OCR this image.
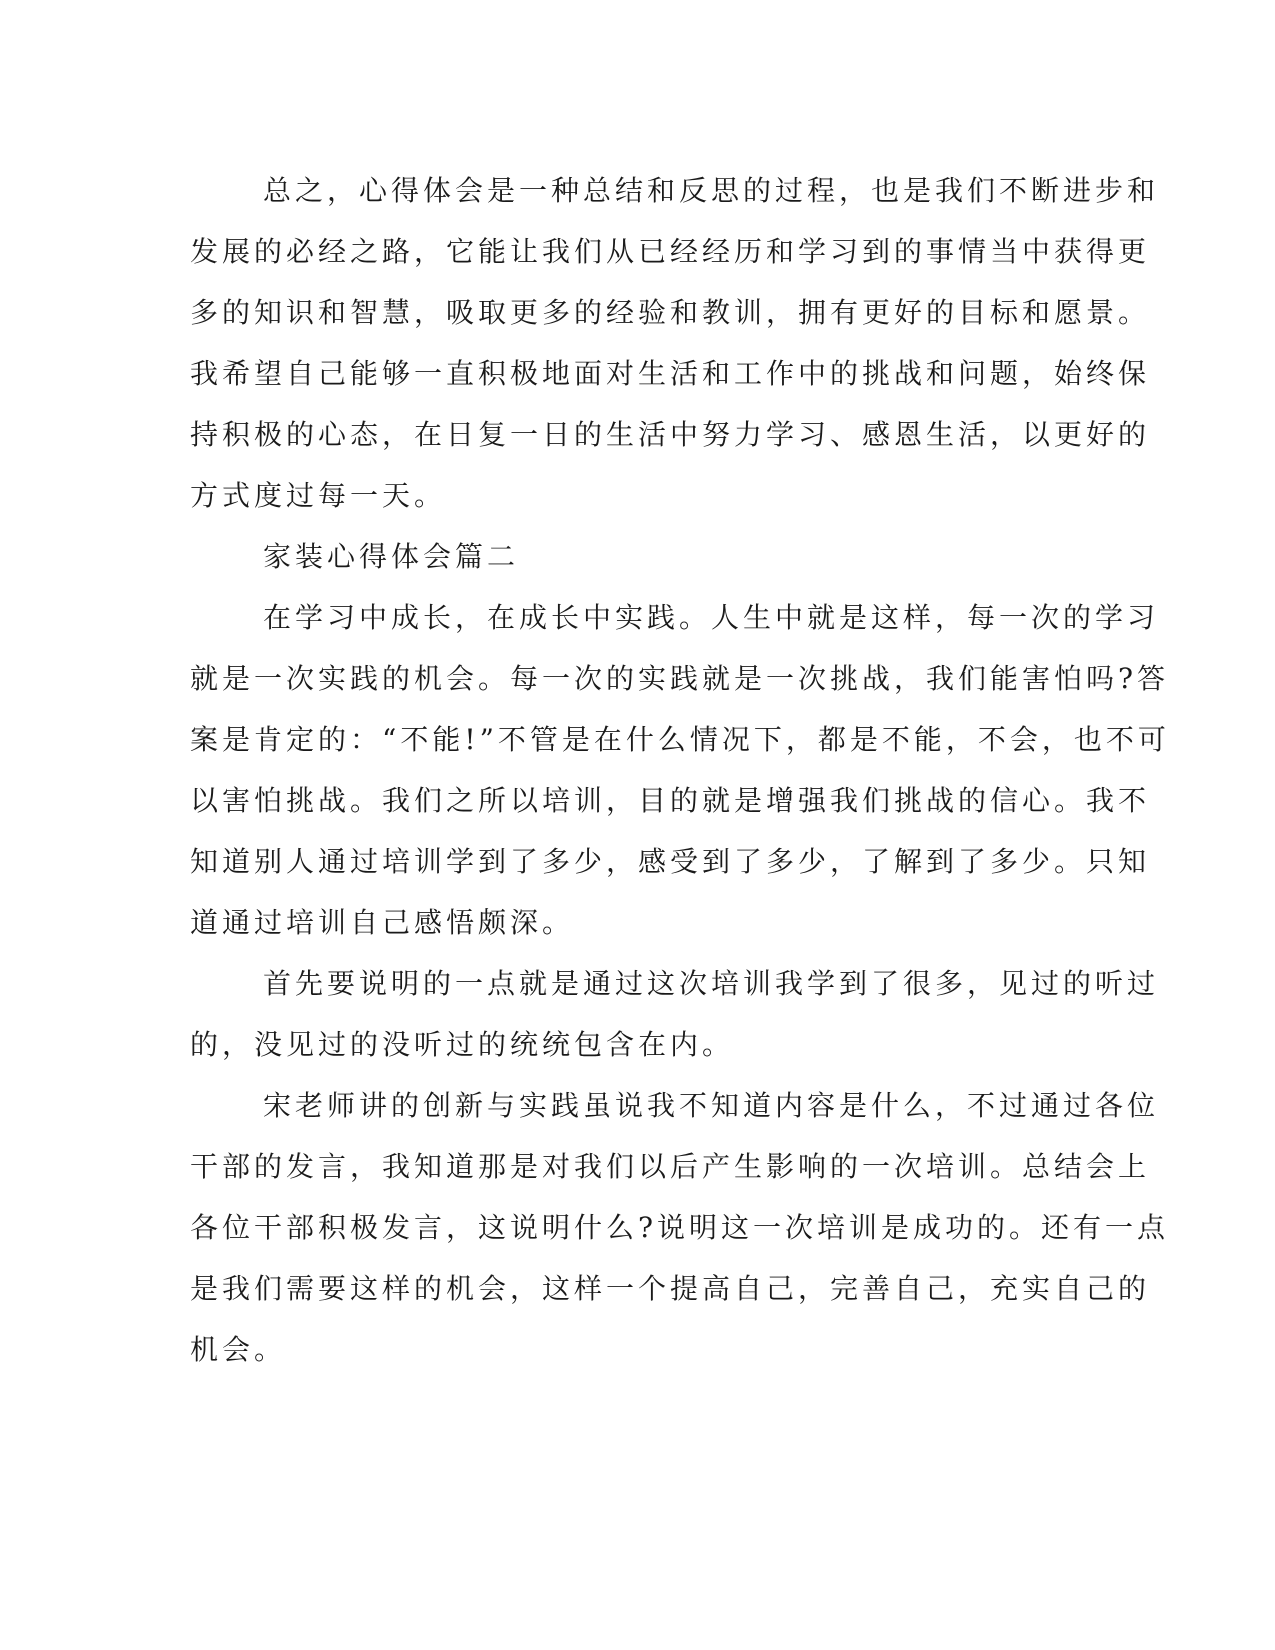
总之，心得体会是一种总结和反思的过程，也是我们不断进步和
发展的必经之路，它能让我们从已经经历和学习到的事情当中获得更
多的知识和智慧，吸取更多的经验和教训，拥有更好的目标和愿景。
我希望自己能够一直积极地面对生活和工作中的挑战和问题，始终保
持积极的心态，在日复一日的生活中努力学习、感恩生活，以更好的
方式度过每一天。
家装心得体会篇二
在学习中成长，在成长中实践。人生中就是这样，每一次的学习
就是一次实践的机会。每一次的实践就是一次挑战，我们能害怕吗?答
案是肯定的：“不能!”不管是在什么情况下，都是不能，不会，也不可
以害怕挑战。我们之所以培训，目的就是增强我们挑战的信心。我不
知道别人通过培训学到了多少，感受到了多少，了解到了多少。只知
道通过培训自己感悟颇深。
首先要说明的一点就是通过这次培训我学到了很多，见过的听过
的，没见过的没听过的统统包含在内。
宋老师讲的创新与实践虽说我不知道内容是什么，不过通过各位
干部的发言，我知道那是对我们以后产生影响的一次培训。总结会上
各位干部积极发言，这说明什么?说明这一次培训是成功的。还有一点
是我们需要这样的机会，这样一个提高自己，完善自己，充实自己的
机会。
